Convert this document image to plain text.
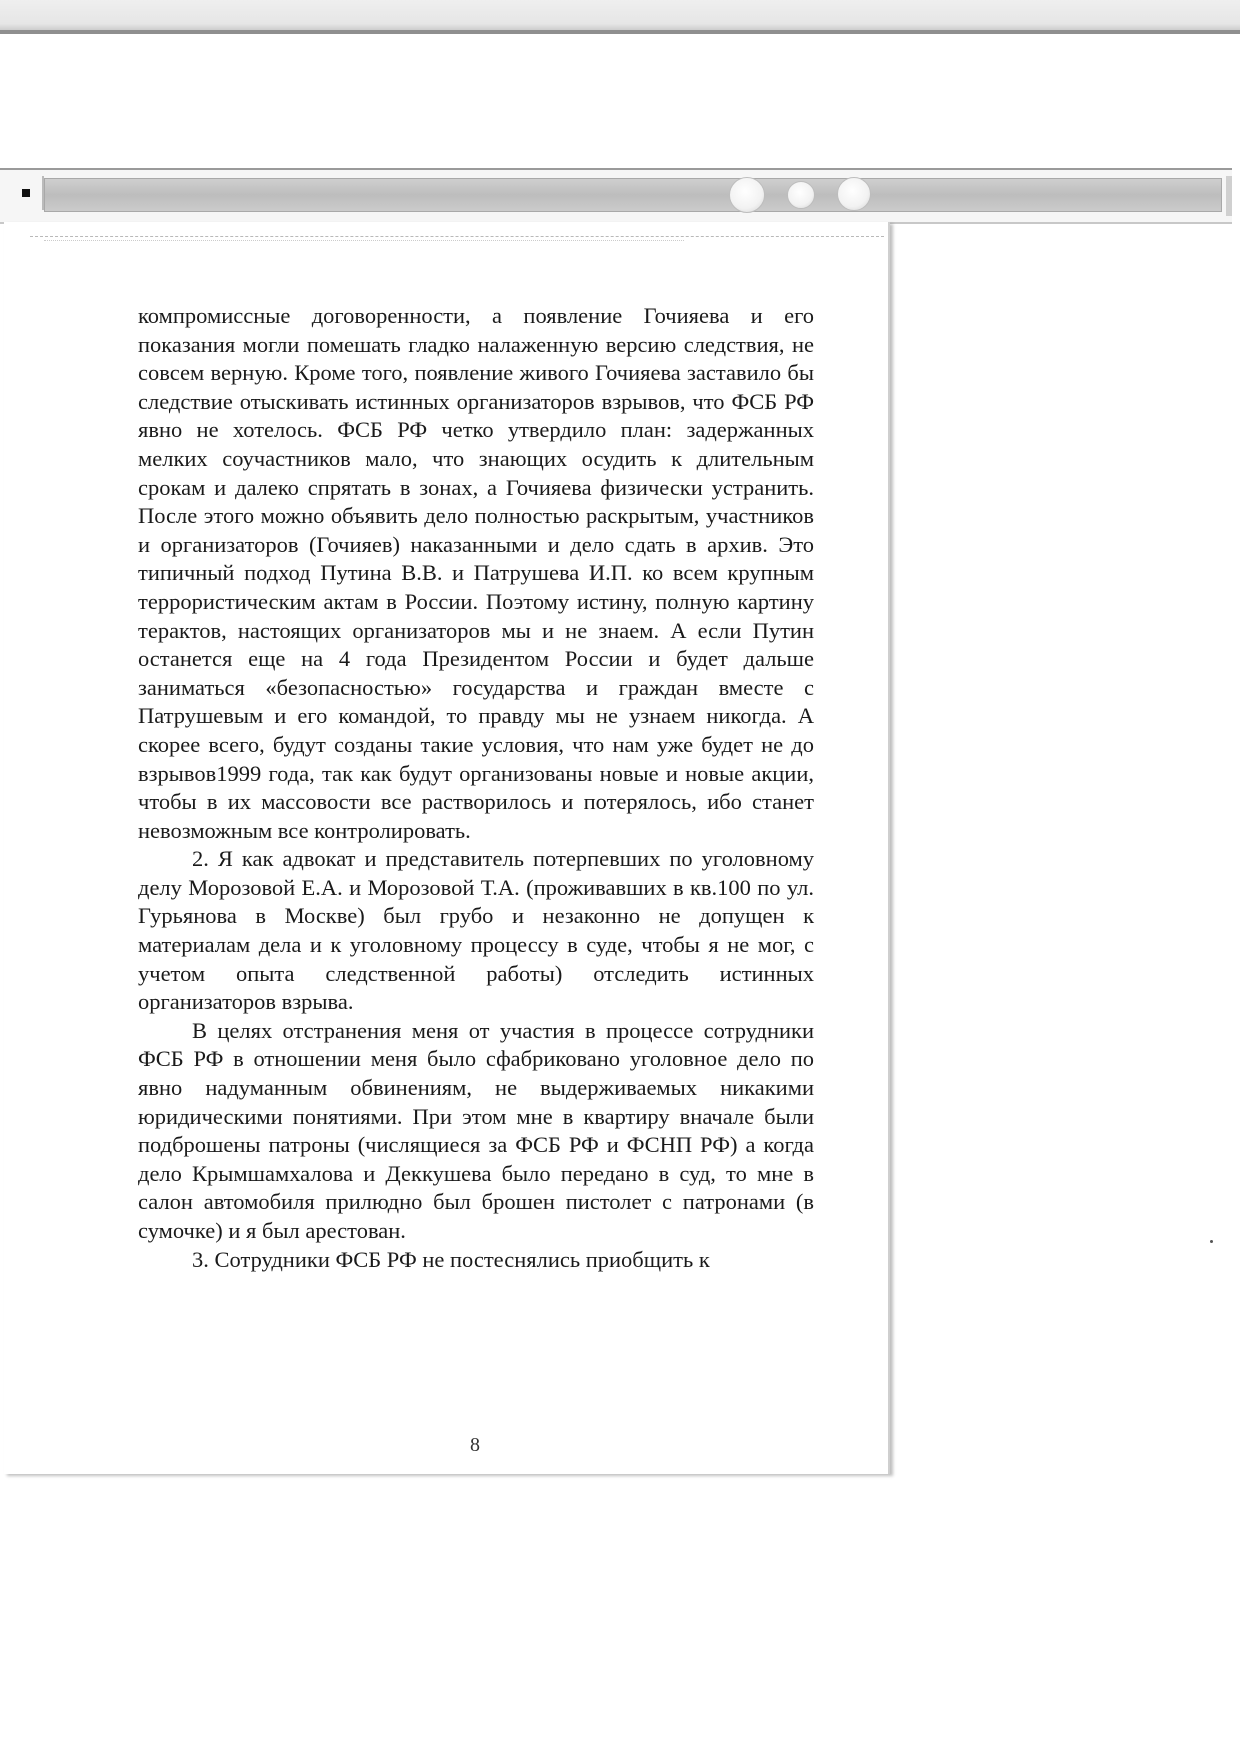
компромиссные договоренности, а появление Гочияева и его показания могли помешать гладко налаженную версию следствия, не совсем верную. Кроме того, появление живого Гочияева заставило бы следствие отыскивать истинных организаторов взрывов, что ФСБ РФ явно не хотелось. ФСБ РФ четко утвердило план: задержанных мелких соучастников мало, что знающих осудить к длительным срокам и далеко спрятать в зонах, а Гочияева физически устранить. После этого можно объявить дело полностью раскрытым, участников и организаторов (Гочияев) наказанными и дело сдать в архив. Это типичный подход Путина В.В. и Патрушева И.П. ко всем крупным террористическим актам в России. Поэтому истину, полную картину терактов, настоящих организаторов мы и не знаем. А если Путин останется еще на 4 года Президентом России и будет дальше заниматься «безопасностью» государства и граждан вместе с Патрушевым и его командой, то правду мы не узнаем никогда. А скорее всего, будут созданы такие условия, что нам уже будет не до взрывов1999 года, так как будут организованы новые и новые акции, чтобы в их массовости все растворилось и потерялось, ибо станет невозможным все контролировать.

2. Я как адвокат и представитель потерпевших по уголовному делу Морозовой Е.А. и Морозовой Т.А. (проживавших в кв.100 по ул. Гурьянова в Москве) был грубо и незаконно не допущен к материалам дела и к уголовному процессу в суде, чтобы я не мог, с учетом опыта следственной работы) отследить истинных организаторов взрыва.

В целях отстранения меня от участия в процессе сотрудники ФСБ РФ в отношении меня было сфабриковано уголовное дело по явно надуманным обвинениям, не выдерживаемых никакими юридическими понятиями. При этом мне в квартиру вначале были подброшены патроны (числящиеся за ФСБ РФ и ФСНП РФ) а когда дело Крымшамхалова и Деккушева было передано в суд, то мне в салон автомобиля прилюдно был брошен пистолет с патронами (в сумочке) и я был арестован.

3. Сотрудники ФСБ РФ не постеснялись приобщить к

8
